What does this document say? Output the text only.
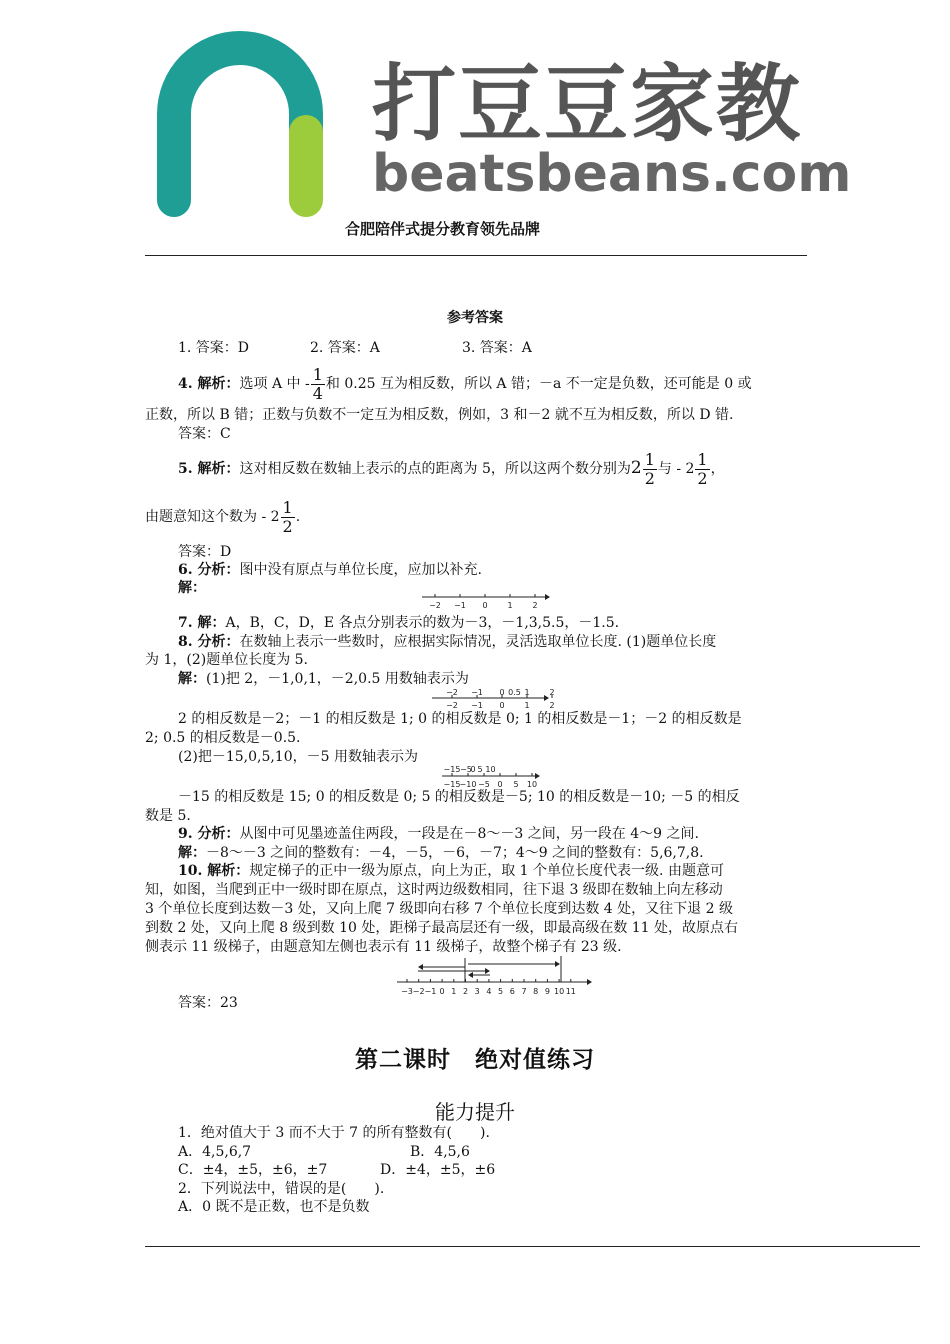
打豆豆家教
beatsbeans.com
合肥陪伴式提分教育领先品牌
参考答案
1. 答案：D	2. 答案：A	3. 答案：A
4. 解析：选项 A 中 - $\frac{1}{4}$ 和 0.25 互为相反数，所以 A 错；－a 不一定是负数，还可能是 0 或
正数，所以 B 错；正数与负数不一定互为相反数，例如，3 和－2 就不互为相反数，所以 D 错.
答案：C
5. 解析：这对相反数在数轴上表示的点的距离为 5，所以这两个数分别为$2 \frac{1}{2}$ 与 - $2 \frac{1}{2}$ ，
由题意知这个数为 - $2 \frac{1}{2}$ .
答案：D
6. 分析：图中没有原点与单位长度，应加以补充.
解：
−2 −1 0 1 2
7. 解：A，B，C，D，E 各点分别表示的数为－3，－1,3,5.5，－1.5.
8. 分析：在数轴上表示一些数时，应根据实际情况，灵活选取单位长度. (1)题单位长度
为 1，(2)题单位长度为 5.
解：(1)把 2，－1,0,1，－2,0.5 用数轴表示为
−2 −1 0 0.5 1 2
−2 −1 0 1 2
2 的相反数是－2；－1 的相反数是 1; 0 的相反数是 0; 1 的相反数是－1；－2 的相反数是
2; 0.5 的相反数是－0.5.
(2)把－15,0,5,10，－5 用数轴表示为
−15 −5
0 5 10
−15 −10 −5 0 5 10
－15 的相反数是 15; 0 的相反数是 0; 5 的相反数是－5; 10 的相反数是－10; －5 的相反
数是 5.
9. 分析：从图中可见墨迹盖住两段，一段是在－8～－3 之间，另一段在 4～9 之间.
解：－8～－3 之间的整数有：－4，－5，－6，－7；4～9 之间的整数有：5,6,7,8.
10. 解析：规定梯子的正中一级为原点，向上为正，取 1 个单位长度代表一级. 由题意可
知，如图，当爬到正中一级时即在原点，这时两边级数相同，往下退 3 级即在数轴上向左移动
3 个单位长度到达数－3 处，又向上爬 7 级即向右移 7 个单位长度到达数 4 处，又往下退 2 级
到数 2 处，又向上爬 8 级到数 10 处，距梯子最高层还有一级，即最高级在数 11 处，故原点右
侧表示 11 级梯子，由题意知左侧也表示有 11 级梯子，故整个梯子有 23 级.
−3 −2 −1 0 1 2 3 4 5 6 7 8 9 10 11
答案：23
第二课时　绝对值练习
能力提升
1．绝对值大于 3 而不大于 7 的所有整数有(　　).
A．4,5,6,7	B．4,5,6
C．±4，±5，±6，±7	D．±4，±5，±6
2．下列说法中，错误的是(　　).
A．0 既不是正数，也不是负数
